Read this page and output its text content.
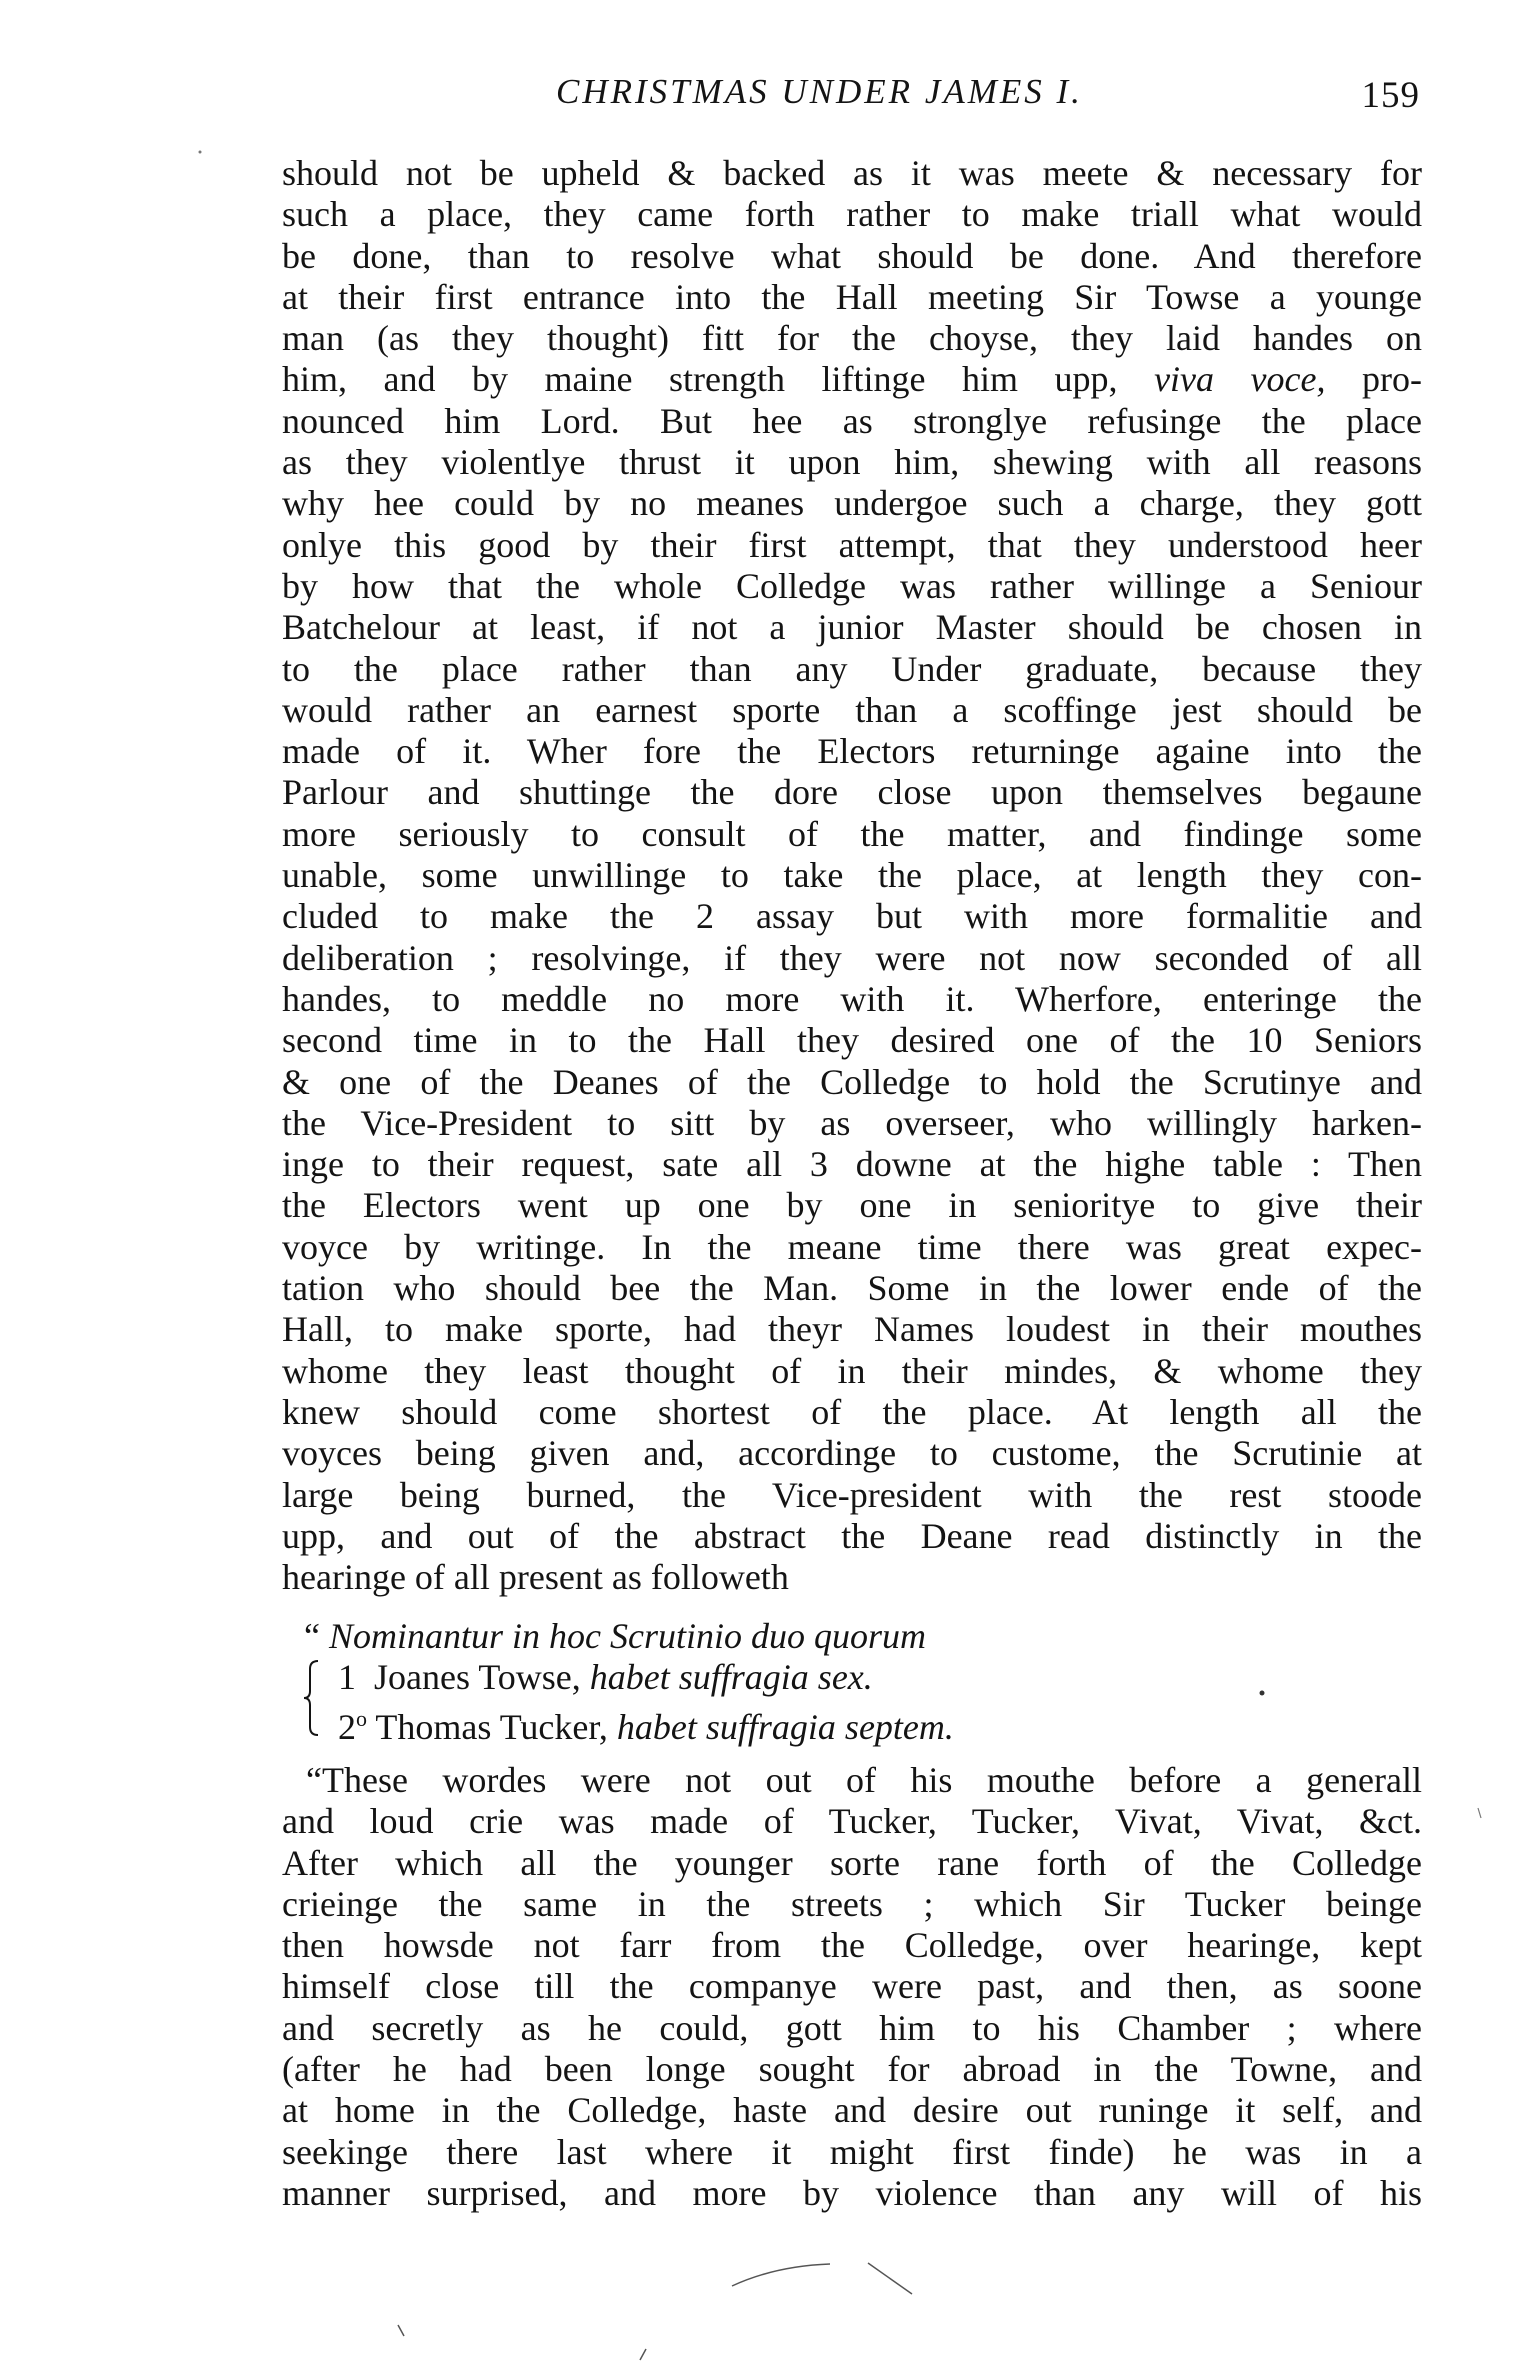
CHRISTMAS UNDER JAMES I.	159
should not be upheld & backed as it was meete & necessary for
such a place, they came forth rather to make triall what would
be done, than to resolve what should be done. And therefore
at their first entrance into the Hall meeting Sir Towse a younge
man (as they thought) fitt for the choyse, they laid handes on
him, and by maine strength liftinge him upp, viva voce, pro-
nounced him Lord. But hee as stronglye refusinge the place
as they violentlye thrust it upon him, shewing with all reasons
why hee could by no meanes undergoe such a charge, they gott
onlye this good by their first attempt, that they understood heer
by how that the whole Colledge was rather willinge a Seniour
Batchelour at least, if not a junior Master should be chosen in
to the place rather than any Under graduate, because they
would rather an earnest sporte than a scoffinge jest should be
made of it. Wher fore the Electors returninge againe into the
Parlour and shuttinge the dore close upon themselves begaune
more seriously to consult of the matter, and findinge some
unable, some unwillinge to take the place, at length they con-
cluded to make the 2 assay but with more formalitie and
deliberation ; resolvinge, if they were not now seconded of all
handes, to meddle no more with it. Wherfore, enteringe the
second time in to the Hall they desired one of the 10 Seniors
& one of the Deanes of the Colledge to hold the Scrutinye and
the Vice-President to sitt by as overseer, who willingly harken-
inge to their request, sate all 3 downe at the highe table : Then
the Electors went up one by one in senioritye to give their
voyce by writinge. In the meane time there was great expec-
tation who should bee the Man. Some in the lower ende of the
Hall, to make sporte, had theyr Names loudest in their mouthes
whome they least thought of in their mindes, & whome they
knew should come shortest of the place. At length all the
voyces being given and, accordinge to custome, the Scrutinie at
large being burned, the Vice-president with the rest stoode
upp, and out of the abstract the Deane read distinctly in the
hearinge of all present as followeth
“ Nominantur in hoc Scrutinio duo quorum
1 Joanes Towse, habet suffragia sex.
2$^o$ Thomas Tucker, habet suffragia septem.
“These wordes were not out of his mouthe before a generall
and loud crie was made of Tucker, Tucker, Vivat, Vivat, &ct.
After which all the younger sorte rane forth of the Colledge
crieinge the same in the streets ; which Sir Tucker beinge
then howsde not farr from the Colledge, over hearinge, kept
himself close till the companye were past, and then, as soone
and secretly as he could, gott him to his Chamber ; where
(after he had been longe sought for abroad in the Towne, and
at home in the Colledge, haste and desire out runinge it self, and
seekinge there last where it might first finde) he was in a
manner surprised, and more by violence than any will of his
